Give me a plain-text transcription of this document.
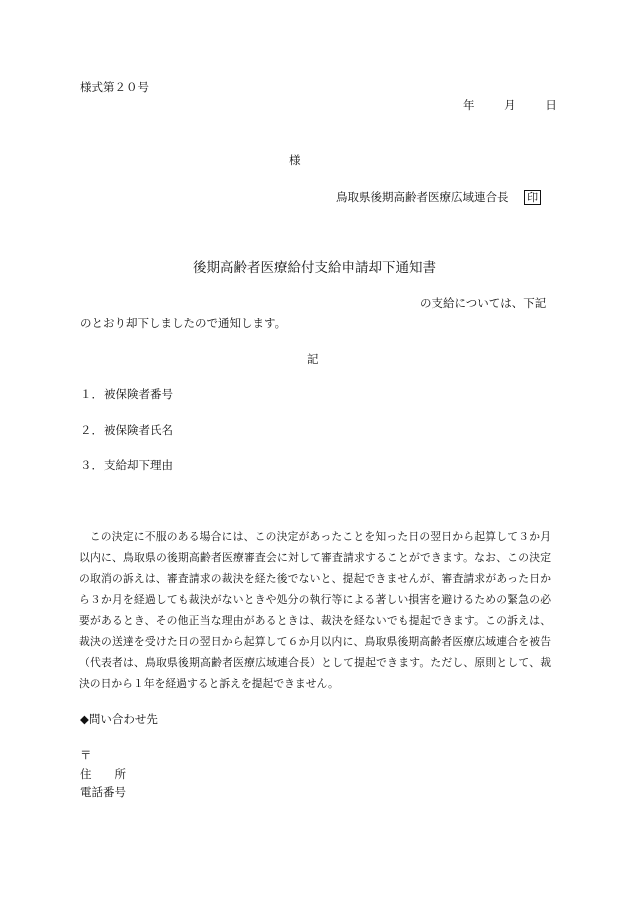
様式第２０号
年	月	日
様
鳥取県後期高齢者医療広域連合長 印
後期高齢者医療給付支給申請却下通知書
の支給については、下記
のとおり却下しましたので通知します。
記
１．被保険者番号
２．被保険者氏名
３．支給却下理由
この決定に不服のある場合には、この決定があったことを知った日の翌日から起算して３か月以内に、鳥取県の後期高齢者医療審査会に対して審査請求することができます。なお、この決定の取消の訴えは、審査請求の裁決を経た後でないと、提起できませんが、審査請求があった日から３か月を経過しても裁決がないときや処分の執行等による著しい損害を避けるための緊急の必要があるとき、その他正当な理由があるときは、裁決を経ないでも提起できます。この訴えは、裁決の送達を受けた日の翌日から起算して６か月以内に、鳥取県後期高齢者医療広域連合を被告（代表者は、鳥取県後期高齢者医療広域連合長）として提起できます。ただし、原則として、裁決の日から１年を経過すると訴えを提起できません。
◆問い合わせ先
〒
住　　所
電話番号
